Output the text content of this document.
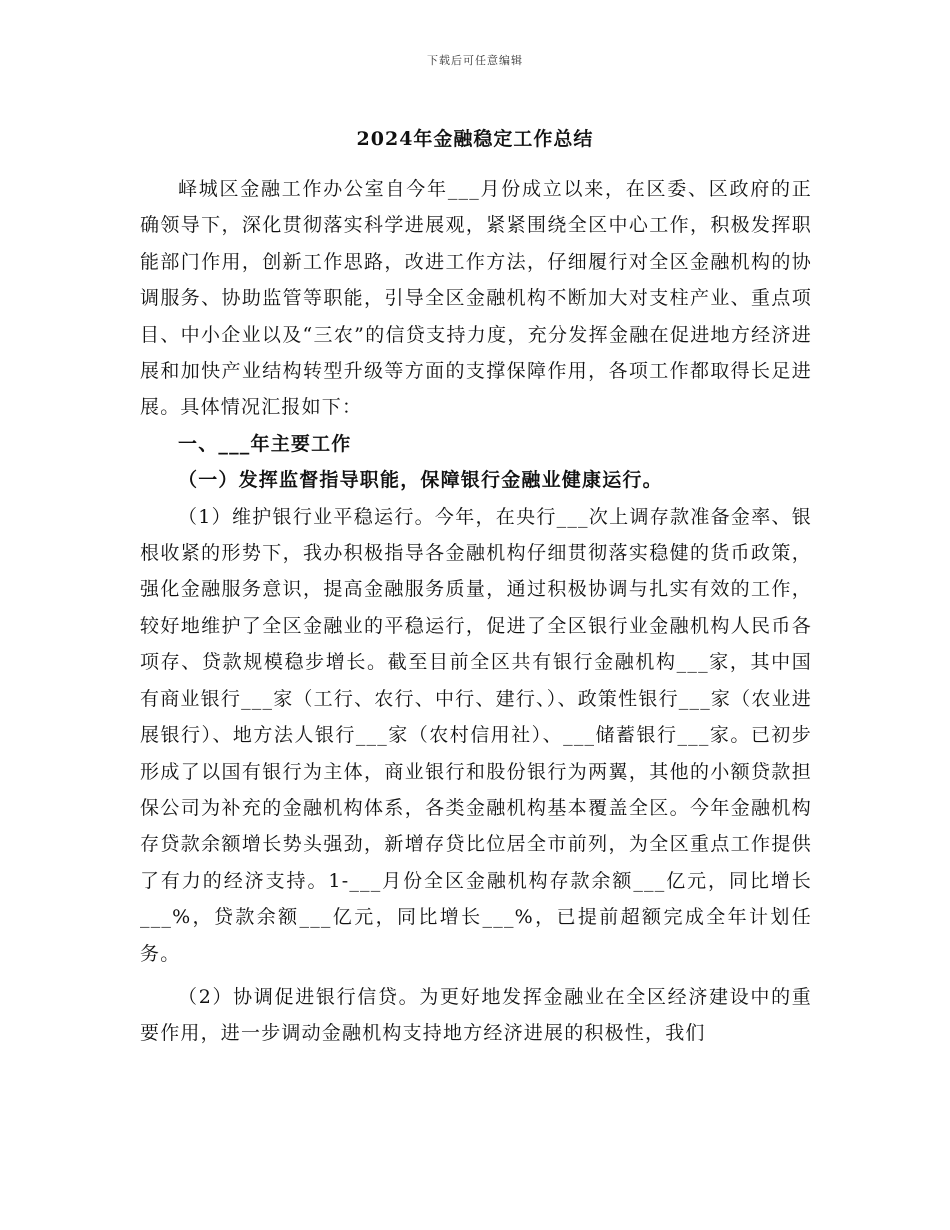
下载后可任意编辑
2024年金融稳定工作总结

峄城区金融工作办公室自今年___月份成立以来，在区委、区政府的正确领导下，深化贯彻落实科学进展观，紧紧围绕全区中心工作，积极发挥职能部门作用，创新工作思路，改进工作方法，仔细履行对全区金融机构的协调服务、协助监管等职能，引导全区金融机构不断加大对支柱产业、重点项目、中小企业以及“三农”的信贷支持力度，充分发挥金融在促进地方经济进展和加快产业结构转型升级等方面的支撑保障作用，各项工作都取得长足进展。具体情况汇报如下：

一、___年主要工作

（一）发挥监督指导职能，保障银行金融业健康运行。

（1）维护银行业平稳运行。今年，在央行___次上调存款准备金率、银根收紧的形势下，我办积极指导各金融机构仔细贯彻落实稳健的货币政策，强化金融服务意识，提高金融服务质量，通过积极协调与扎实有效的工作，较好地维护了全区金融业的平稳运行，促进了全区银行业金融机构人民币各项存、贷款规模稳步增长。截至目前全区共有银行金融机构___家，其中国有商业银行___家（工行、农行、中行、建行、）、政策性银行___家（农业进展银行）、地方法人银行___家（农村信用社）、___储蓄银行___家。已初步形成了以国有银行为主体，商业银行和股份银行为两翼，其他的小额贷款担保公司为补充的金融机构体系，各类金融机构基本覆盖全区。今年金融机构存贷款余额增长势头强劲，新增存贷比位居全市前列，为全区重点工作提供了有力的经济支持。1-___月份全区金融机构存款余额___亿元，同比增长___%，贷款余额___亿元，同比增长___%，已提前超额完成全年计划任务。

（2）协调促进银行信贷。为更好地发挥金融业在全区经济建设中的重要作用，进一步调动金融机构支持地方经济进展的积极性，我们
